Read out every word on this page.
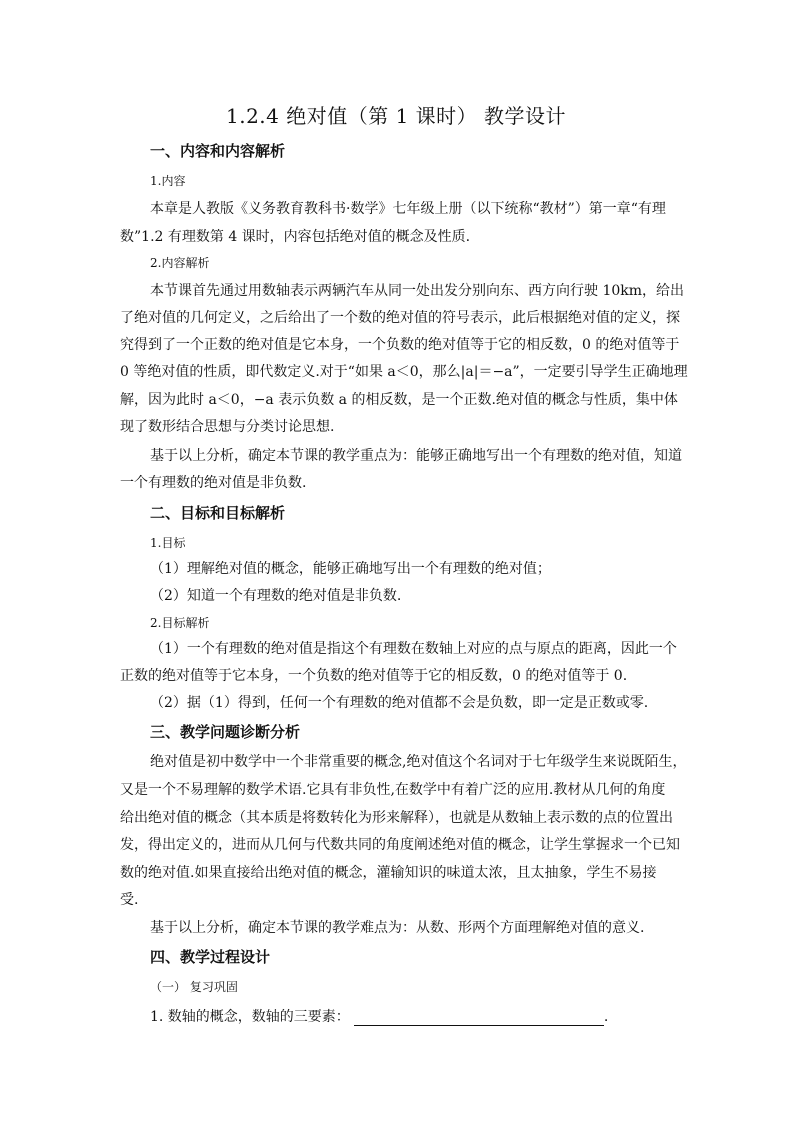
1.2.4 绝对值（第 1 课时） 教学设计
一、内容和内容解析
1.内容
本章是人教版《义务教育教科书·数学》七年级上册（以下统称“教材”）第一章“有理
数”1.2 有理数第 4 课时，内容包括绝对值的概念及性质.
2.内容解析
本节课首先通过用数轴表示两辆汽车从同一处出发分别向东、西方向行驶 10km，给出
了绝对值的几何定义，之后给出了一个数的绝对值的符号表示，此后根据绝对值的定义，探
究得到了一个正数的绝对值是它本身，一个负数的绝对值等于它的相反数，0 的绝对值等于
0 等绝对值的性质，即代数定义.对于“如果 a＜0，那么|a|＝−a”，一定要引导学生正确地理
解，因为此时 a＜0，−a 表示负数 a 的相反数，是一个正数.绝对值的概念与性质，集中体
现了数形结合思想与分类讨论思想.
基于以上分析，确定本节课的教学重点为：能够正确地写出一个有理数的绝对值，知道
一个有理数的绝对值是非负数.
二、目标和目标解析
1.目标
（1）理解绝对值的概念，能够正确地写出一个有理数的绝对值；
（2）知道一个有理数的绝对值是非负数.
2.目标解析
（1）一个有理数的绝对值是指这个有理数在数轴上对应的点与原点的距离，因此一个
正数的绝对值等于它本身，一个负数的绝对值等于它的相反数，0 的绝对值等于 0.
（2）据（1）得到，任何一个有理数的绝对值都不会是负数，即一定是正数或零.
三、教学问题诊断分析
绝对值是初中数学中一个非常重要的概念,绝对值这个名词对于七年级学生来说既陌生，
又是一个不易理解的数学术语.它具有非负性,在数学中有着广泛的应用.教材从几何的角度
给出绝对值的概念（其本质是将数转化为形来解释），也就是从数轴上表示数的点的位置出
发，得出定义的，进而从几何与代数共同的角度阐述绝对值的概念，让学生掌握求一个已知
数的绝对值.如果直接给出绝对值的概念，灌输知识的味道太浓，且太抽象，学生不易接
受.
基于以上分析，确定本节课的教学难点为：从数、形两个方面理解绝对值的意义.
四、教学过程设计
（一） 复习巩固
1. 数轴的概念，数轴的三要素：	.
